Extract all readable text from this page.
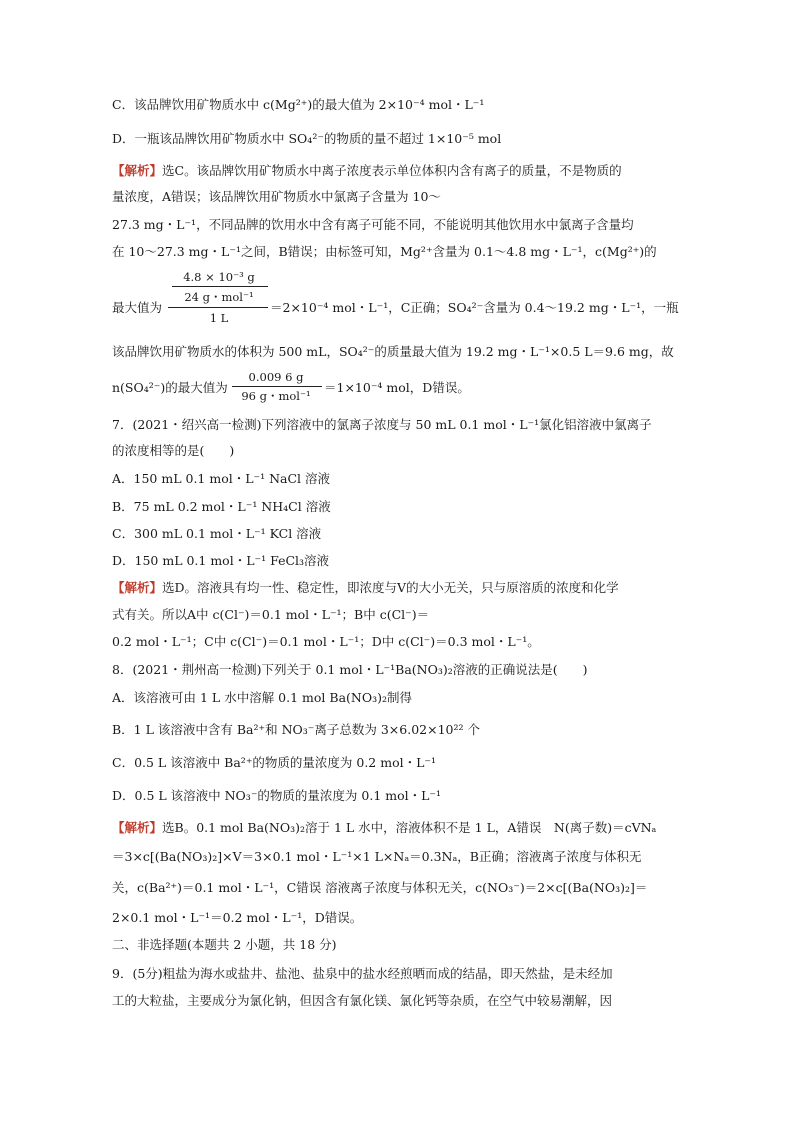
C．该品牌饮用矿物质水中 c(Mg²⁺)的最大值为 2×10⁻⁴ mol・L⁻¹
D．一瓶该品牌饮用矿物质水中 SO₄²⁻的物质的量不超过 1×10⁻⁵ mol
【解析】选C。该品牌饮用矿物质水中离子浓度表示单位体积内含有离子的质量，不是物质的
量浓度，A错误；该品牌饮用矿物质水中氯离子含量为 10～
27.3 mg・L⁻¹，不同品牌的饮用水中含有离子可能不同，不能说明其他饮用水中氯离子含量均
在 10～27.3 mg・L⁻¹之间，B错误；由标签可知，Mg²⁺含量为 0.1～4.8 mg・L⁻¹，c(Mg²⁺)的
4.8 × 10⁻³ g
24 g・mol⁻¹
1 L
最大值为	＝2×10⁻⁴ mol・L⁻¹，C正确；SO₄²⁻含量为 0.4～19.2 mg・L⁻¹，一瓶
该品牌饮用矿物质水的体积为 500 mL，SO₄²⁻的质量最大值为 19.2 mg・L⁻¹×0.5 L＝9.6 mg，故
n(SO₄²⁻)的最大值为
0.009 6 g
96 g・mol⁻¹
＝1×10⁻⁴ mol，D错误。
7．(2021・绍兴高一检测)下列溶液中的氯离子浓度与 50 mL 0.1 mol・L⁻¹氯化铝溶液中氯离子
的浓度相等的是(　　)
A．150 mL 0.1 mol・L⁻¹ NaCl 溶液
B．75 mL 0.2 mol・L⁻¹ NH₄Cl 溶液
C．300 mL 0.1 mol・L⁻¹ KCl 溶液
D．150 mL 0.1 mol・L⁻¹ FeCl₃溶液
【解析】选D。溶液具有均一性、稳定性，即浓度与V的大小无关，只与原溶质的浓度和化学
式有关。所以A中 c(Cl⁻)＝0.1 mol・L⁻¹；B中 c(Cl⁻)＝
0.2 mol・L⁻¹；C中 c(Cl⁻)＝0.1 mol・L⁻¹；D中 c(Cl⁻)＝0.3 mol・L⁻¹。
8．(2021・荆州高一检测)下列关于 0.1 mol・L⁻¹Ba(NO₃)₂溶液的正确说法是(　　)
A．该溶液可由 1 L 水中溶解 0.1 mol Ba(NO₃)₂制得
B．1 L 该溶液中含有 Ba²⁺和 NO₃⁻离子总数为 3×6.02×10²² 个
C．0.5 L 该溶液中 Ba²⁺的物质的量浓度为 0.2 mol・L⁻¹
D．0.5 L 该溶液中 NO₃⁻的物质的量浓度为 0.1 mol・L⁻¹
【解析】选B。0.1 mol Ba(NO₃)₂溶于 1 L 水中，溶液体积不是 1 L，A错误　N(离子数)＝cVNₐ
＝3×c[(Ba(NO₃)₂]×V＝3×0.1 mol・L⁻¹×1 L×Nₐ＝0.3Nₐ，B正确；溶液离子浓度与体积无
关，c(Ba²⁺)＝0.1 mol・L⁻¹，C错误 溶液离子浓度与体积无关，c(NO₃⁻)＝2×c[(Ba(NO₃)₂]＝
2×0.1 mol・L⁻¹＝0.2 mol・L⁻¹，D错误。
二、非选择题(本题共 2 小题，共 18 分)
9．(5分)粗盐为海水或盐井、盐池、盐泉中的盐水经煎晒而成的结晶，即天然盐，是未经加
工的大粒盐，主要成分为氯化钠，但因含有氯化镁、氯化钙等杂质，在空气中较易潮解，因
